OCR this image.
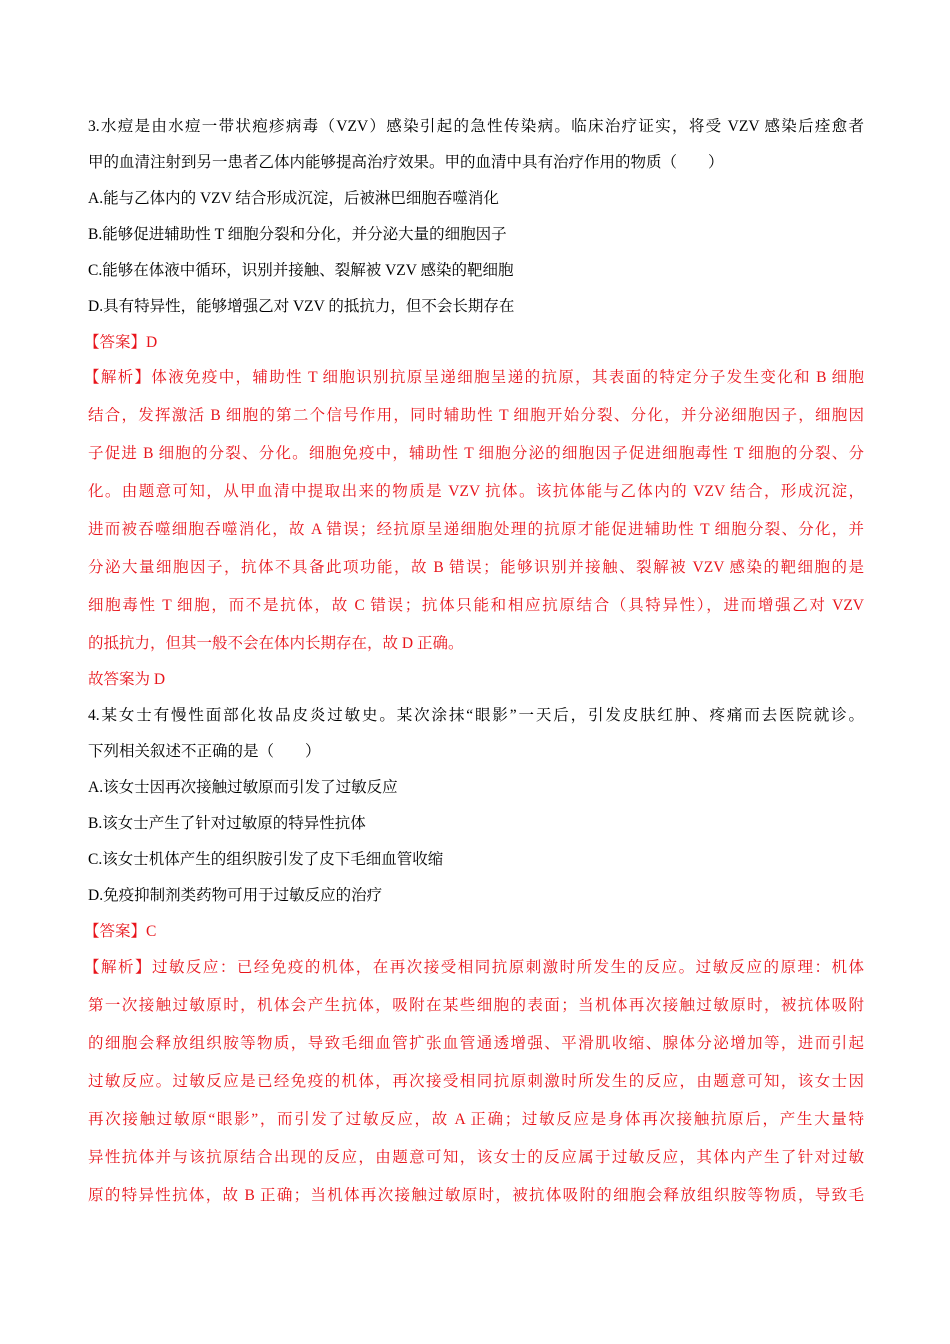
3.水痘是由水痘一带状疱疹病毒（VZV）感染引起的急性传染病。临床治疗证实，将受 VZV 感染后痊愈者
甲的血清注射到另一患者乙体内能够提高治疗效果。甲的血清中具有治疗作用的物质（　　）
A.能与乙体内的 VZV 结合形成沉淀，后被淋巴细胞吞噬消化
B.能够促进辅助性 T 细胞分裂和分化，并分泌大量的细胞因子
C.能够在体液中循环，识别并接触、裂解被 VZV 感染的靶细胞
D.具有特异性，能够增强乙对 VZV 的抵抗力，但不会长期存在
【答案】D
【解析】体液免疫中，辅助性 T 细胞识别抗原呈递细胞呈递的抗原，其表面的特定分子发生变化和 B 细胞
结合，发挥激活 B 细胞的第二个信号作用，同时辅助性 T 细胞开始分裂、分化，并分泌细胞因子，细胞因
子促进 B 细胞的分裂、分化。细胞免疫中，辅助性 T 细胞分泌的细胞因子促进细胞毒性 T 细胞的分裂、分
化。由题意可知，从甲血清中提取出来的物质是 VZV 抗体。该抗体能与乙体内的 VZV 结合，形成沉淀，
进而被吞噬细胞吞噬消化，故 A 错误；经抗原呈递细胞处理的抗原才能促进辅助性 T 细胞分裂、分化，并
分泌大量细胞因子，抗体不具备此项功能，故 B 错误；能够识别并接触、裂解被 VZV 感染的靶细胞的是
细胞毒性 T 细胞，而不是抗体，故 C 错误；抗体只能和相应抗原结合（具特异性），进而增强乙对 VZV
的抵抗力，但其一般不会在体内长期存在，故 D 正确。
故答案为 D
4.某女士有慢性面部化妆品皮炎过敏史。某次涂抹“眼影”一天后，引发皮肤红肿、疼痛而去医院就诊。
下列相关叙述不正确的是（　　）
A.该女士因再次接触过敏原而引发了过敏反应
B.该女士产生了针对过敏原的特异性抗体
C.该女士机体产生的组织胺引发了皮下毛细血管收缩
D.免疫抑制剂类药物可用于过敏反应的治疗
【答案】C
【解析】过敏反应：已经免疫的机体，在再次接受相同抗原刺激时所发生的反应。过敏反应的原理：机体
第一次接触过敏原时，机体会产生抗体，吸附在某些细胞的表面；当机体再次接触过敏原时，被抗体吸附
的细胞会释放组织胺等物质，导致毛细血管扩张血管通透增强、平滑肌收缩、腺体分泌增加等，进而引起
过敏反应。过敏反应是已经免疫的机体，再次接受相同抗原刺激时所发生的反应，由题意可知，该女士因
再次接触过敏原“眼影”，而引发了过敏反应，故 A 正确；过敏反应是身体再次接触抗原后，产生大量特
异性抗体并与该抗原结合出现的反应，由题意可知，该女士的反应属于过敏反应，其体内产生了针对过敏
原的特异性抗体，故 B 正确；当机体再次接触过敏原时，被抗体吸附的细胞会释放组织胺等物质，导致毛
